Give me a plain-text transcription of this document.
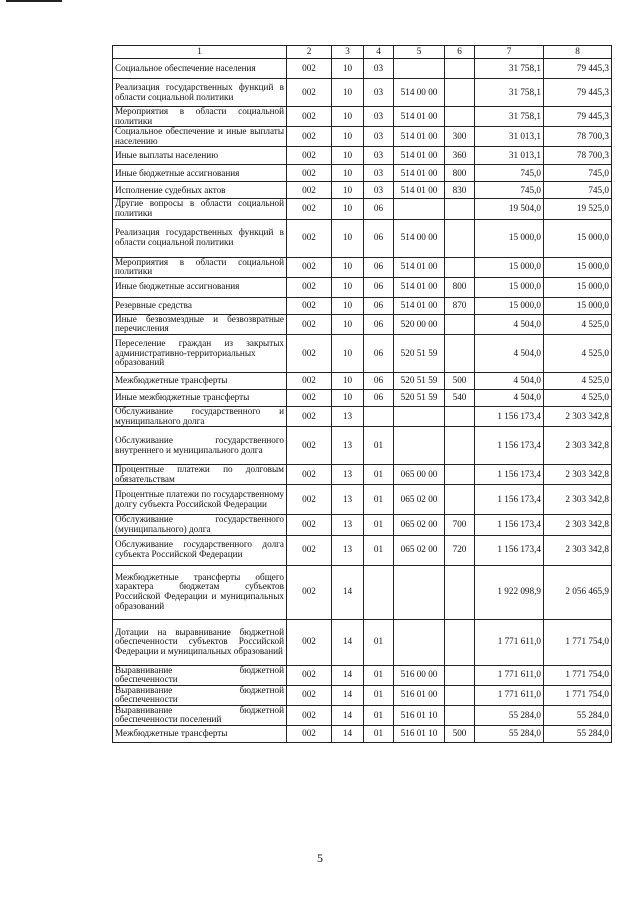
1	2	3	4	5	6	7	8
Социальное обеспечение населения	002	10	03			31 758,1	79 445,3
Реализация государственных функций в области социальной политики	002	10	03	514 00 00		31 758,1	79 445,3
Мероприятия в области социальной политики	002	10	03	514 01 00		31 758,1	79 445,3
Социальное обеспечение и иные выплаты населению	002	10	03	514 01 00	300	31 013,1	78 700,3
Иные выплаты населению	002	10	03	514 01 00	360	31 013,1	78 700,3
Иные бюджетные ассигнования	002	10	03	514 01 00	800	745,0	745,0
Исполнение судебных актов	002	10	03	514 01 00	830	745,0	745,0
Другие вопросы в области социальной политики	002	10	06			19 504,0	19 525,0
Реализация государственных функций в области социальной политики	002	10	06	514 00 00		15 000,0	15 000,0
Мероприятия в области социальной политики	002	10	06	514 01 00		15 000,0	15 000,0
Иные бюджетные ассигнования	002	10	06	514 01 00	800	15 000,0	15 000,0
Резервные средства	002	10	06	514 01 00	870	15 000,0	15 000,0
Иные безвозмездные и безвозвратные перечисления	002	10	06	520 00 00		4 504,0	4 525,0
Переселение граждан из закрытых административно-территориальных образований	002	10	06	520 51 59		4 504,0	4 525,0
Межбюджетные трансферты	002	10	06	520 51 59	500	4 504,0	4 525,0
Иные межбюджетные трансферты	002	10	06	520 51 59	540	4 504,0	4 525,0
Обслуживание государственного и муниципального долга	002	13				1 156 173,4	2 303 342,8
Обслуживание государственного внутреннего и муниципального долга	002	13	01			1 156 173,4	2 303 342,8
Процентные платежи по долговым обязательствам	002	13	01	065 00 00		1 156 173,4	2 303 342,8
Процентные платежи по государственному долгу субъекта Российской Федерации	002	13	01	065 02 00		1 156 173,4	2 303 342,8
Обслуживание государственного (муниципального) долга	002	13	01	065 02 00	700	1 156 173,4	2 303 342,8
Обслуживание государственного долга субъекта Российской Федерации	002	13	01	065 02 00	720	1 156 173,4	2 303 342,8
Межбюджетные трансферты общего характера бюджетам субъектов Российской Федерации и муниципальных образований	002	14				1 922 098,9	2 056 465,9
Дотации на выравнивание бюджетной обеспеченности субъектов Российской Федерации и муниципальных образований	002	14	01			1 771 611,0	1 771 754,0
Выравнивание бюджетной обеспеченности	002	14	01	516 00 00		1 771 611,0	1 771 754,0
Выравнивание бюджетной обеспеченности	002	14	01	516 01 00		1 771 611,0	1 771 754,0
Выравнивание бюджетной обеспеченности поселений	002	14	01	516 01 10		55 284,0	55 284,0
Межбюджетные трансферты	002	14	01	516 01 10	500	55 284,0	55 284,0
5
